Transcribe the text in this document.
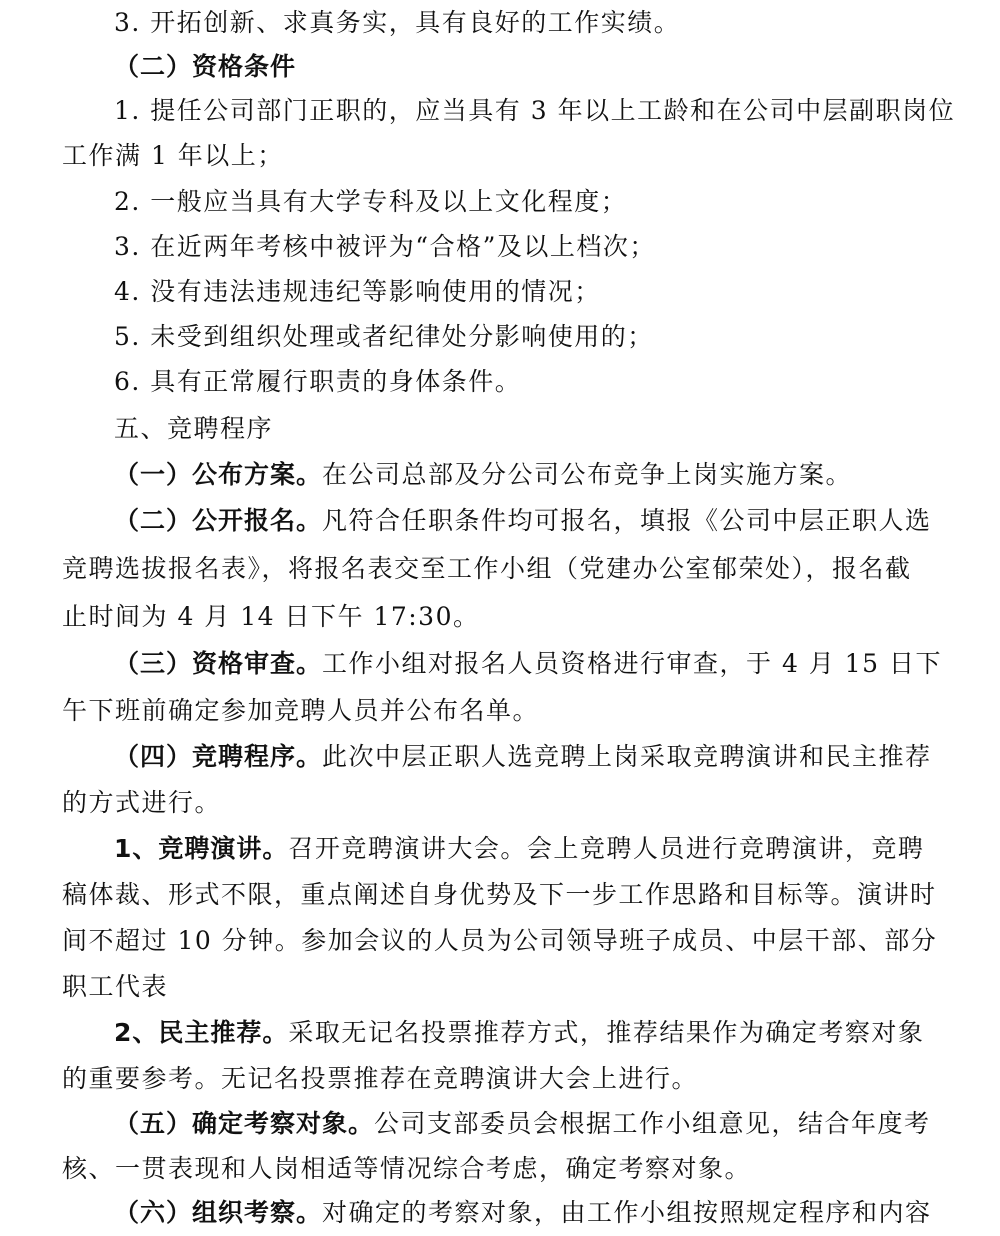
3. 开拓创新、求真务实，具有良好的工作实绩。
（二）资格条件
1. 提任公司部门正职的，应当具有 3 年以上工龄和在公司中层副职岗位
工作满 1 年以上；
2. 一般应当具有大学专科及以上文化程度；
3. 在近两年考核中被评为“合格”及以上档次；
4. 没有违法违规违纪等影响使用的情况；
5. 未受到组织处理或者纪律处分影响使用的；
6. 具有正常履行职责的身体条件。
五、竞聘程序
（一）公布方案。在公司总部及分公司公布竞争上岗实施方案。
（二）公开报名。凡符合任职条件均可报名，填报《公司中层正职人选
竞聘选拔报名表》，将报名表交至工作小组（党建办公室郁荣处），报名截
止时间为 4 月 14 日下午 17:30。
（三）资格审查。工作小组对报名人员资格进行审查，于 4 月 15 日下
午下班前确定参加竞聘人员并公布名单。
（四）竞聘程序。此次中层正职人选竞聘上岗采取竞聘演讲和民主推荐
的方式进行。
1、竞聘演讲。召开竞聘演讲大会。会上竞聘人员进行竞聘演讲，竞聘
稿体裁、形式不限，重点阐述自身优势及下一步工作思路和目标等。演讲时
间不超过 10 分钟。参加会议的人员为公司领导班子成员、中层干部、部分
职工代表
2、民主推荐。采取无记名投票推荐方式，推荐结果作为确定考察对象
的重要参考。无记名投票推荐在竞聘演讲大会上进行。
（五）确定考察对象。公司支部委员会根据工作小组意见，结合年度考
核、一贯表现和人岗相适等情况综合考虑，确定考察对象。
（六）组织考察。对确定的考察对象，由工作小组按照规定程序和内容
